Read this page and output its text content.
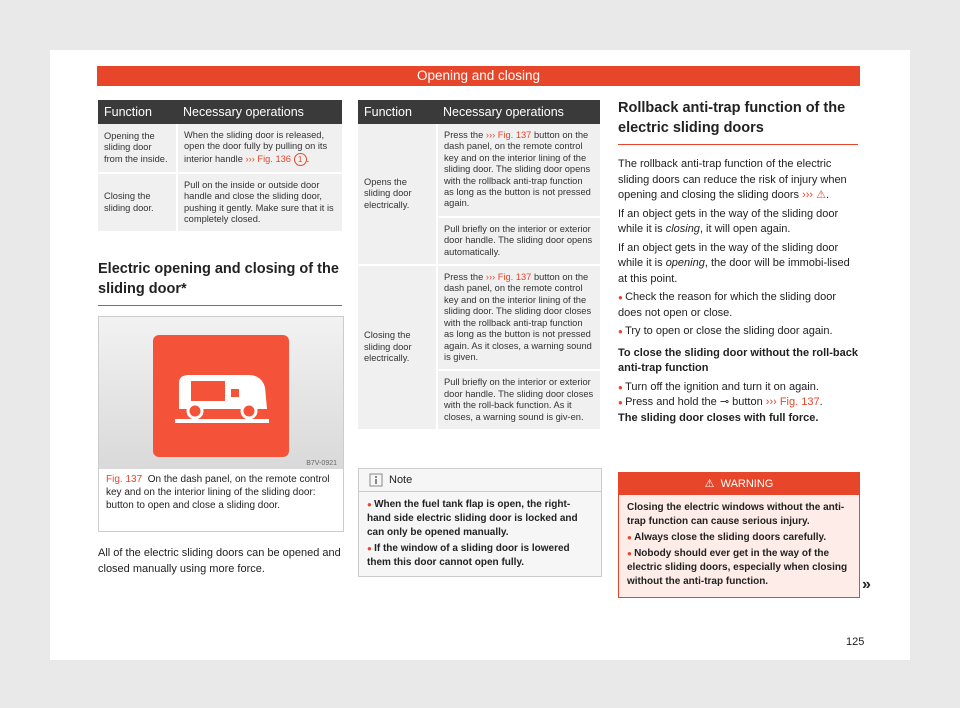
Opening and closing
Function	Necessary operations
Opening the sliding door from the inside.	When the sliding door is released, open the door fully by pulling on its interior handle ››› Fig. 136 1 .
Closing the sliding door.	Pull on the inside or outside door handle and close the sliding door, pushing it gently. Make sure that it is completely closed.
Electric opening and closing of the sliding door*
B7V-0921
Fig. 137 On the dash panel, on the remote control key and on the interior lining of the sliding door: button to open and close a sliding door.
All of the electric sliding doors can be opened and closed manually using more force.
Function	Necessary operations
Opens the sliding door electrically.	Press the ››› Fig. 137 button on the dash panel, on the remote control key and on the interior lining of the sliding door. The sliding door opens with the rollback anti-trap function as long as the button is not pressed again.
	Pull briefly on the interior or exterior door handle. The sliding door opens automatically.
Closing the sliding door electrically.	Press the ››› Fig. 137 button on the dash panel, on the remote control key and on the interior lining of the sliding door. The sliding door closes with the rollback anti-trap function as long as the button is not pressed again. As it closes, a warning sound is given.
	Pull briefly on the interior or exterior door handle. The sliding door closes with the roll-back function. As it closes, a warning sound is giv-en.
Note
● When the fuel tank flap is open, the right-hand side electric sliding door is locked and can only be opened manually.
● If the window of a sliding door is lowered them this door cannot open fully.
Rollback anti-trap function of the electric sliding doors
The rollback anti-trap function of the electric sliding doors can reduce the risk of injury when opening and closing the sliding doors ››› ⚠.
If an object gets in the way of the sliding door while it is closing, it will open again.
If an object gets in the way of the sliding door while it is opening, the door will be immobi-lised at this point.
● Check the reason for which the sliding door does not open or close.
● Try to open or close the sliding door again.
To close the sliding door without the roll-back anti-trap function
● Turn off the ignition and turn it on again.
● Press and hold the ⊸ button ››› Fig. 137.
The sliding door closes with full force.
⚠ WARNING
Closing the electric windows without the anti-trap function can cause serious injury.
● Always close the sliding doors carefully.
● Nobody should ever get in the way of the electric sliding doors, especially when closing without the anti-trap function.	»
125
